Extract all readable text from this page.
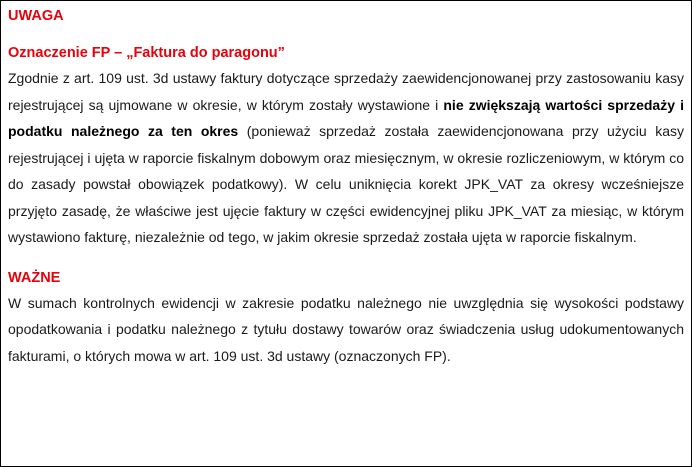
UWAGA

Oznaczenie FP – „Faktura do paragonu”

Zgodnie z art. 109 ust. 3d ustawy faktury dotyczące sprzedaży zaewidencjonowanej przy zastosowaniu kasy rejestrującej są ujmowane w okresie, w którym zostały wystawione i nie zwiększają wartości sprzedaży i podatku należnego za ten okres (ponieważ sprzedaż została zaewidencjonowana przy użyciu kasy rejestrującej i ujęta w raporcie fiskalnym dobowym oraz miesięcznym, w okresie rozliczeniowym, w którym co do zasady powstał obowiązek podatkowy). W celu uniknięcia korekt JPK_VAT za okresy wcześniejsze przyjęto zasadę, że właściwe jest ujęcie faktury w części ewidencyjnej pliku JPK_VAT za miesiąc, w którym wystawiono fakturę, niezależnie od tego, w jakim okresie sprzedaż została ujęta w raporcie fiskalnym.

WAŻNE

W sumach kontrolnych ewidencji w zakresie podatku należnego nie uwzględnia się wysokości podstawy opodatkowania i podatku należnego z tytułu dostawy towarów oraz świadczenia usług udokumentowanych fakturami, o których mowa w art. 109 ust. 3d ustawy (oznaczonych FP).
